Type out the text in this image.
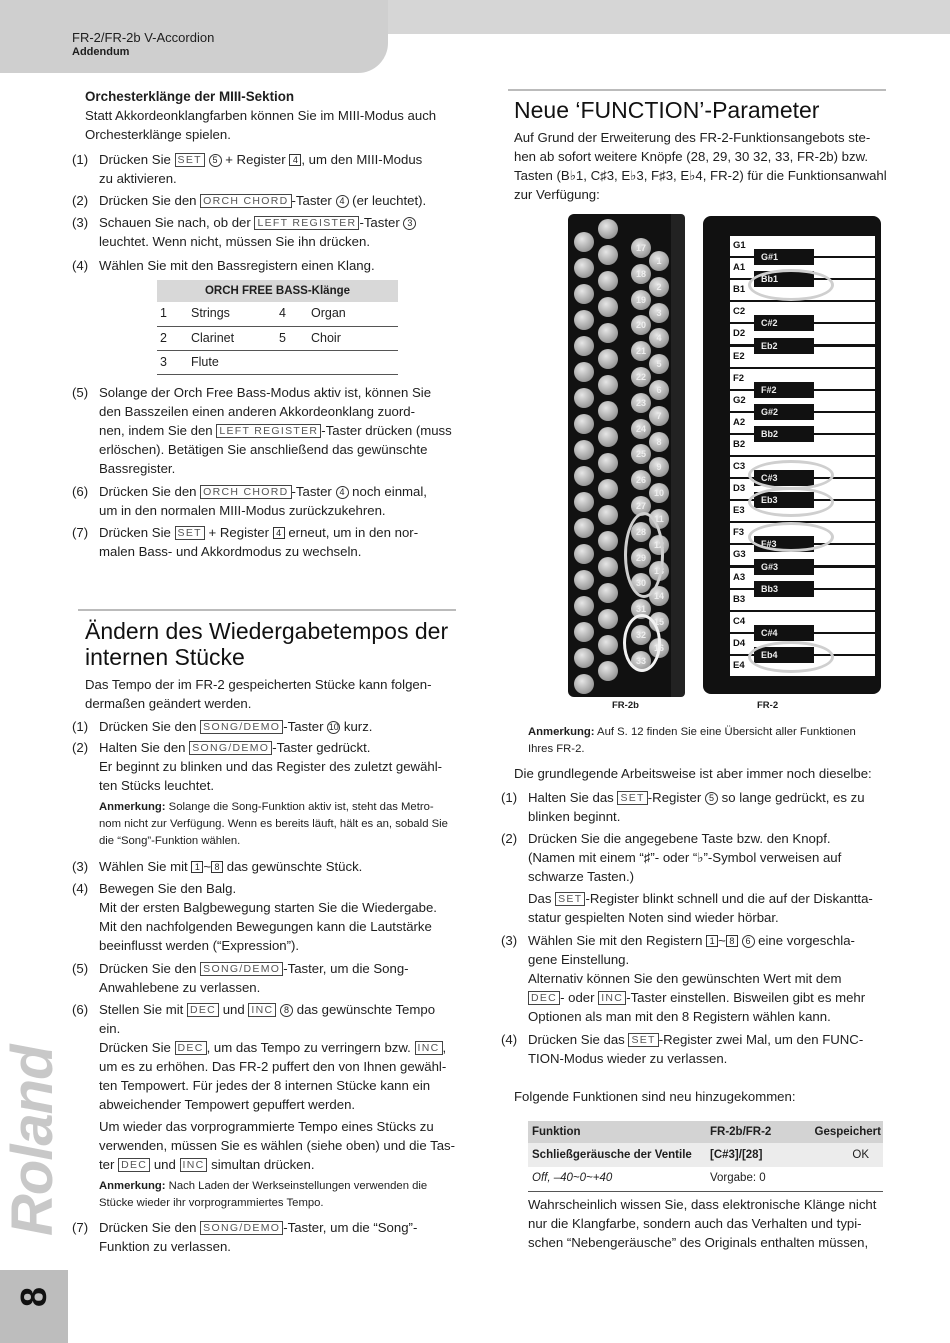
FR-2/FR-2b V-Accordion
Addendum
Roland
8
Orchesterklänge der MIII-Sektion
Statt Akkordeonklangfarben können Sie im MIII-Modus auch Orchesterklänge spielen.
(1) Drücken Sie SET 5 + Register 4 , um den MIII-Modus
zu aktivieren.
(2) Drücken Sie den ORCH CHORD -Taster 4 (er leuchtet).
(3) Schauen Sie nach, ob der LEFT REGISTER -Taster 3
leuchtet. Wenn nicht, müssen Sie ihn drücken.
(4) Wählen Sie mit den Bassregistern einen Klang.
ORCH FREE BASS-Klänge
1	Strings	4	Organ
2	Clarinet	5	Choir
3	Flute		
(5) Solange der Orch Free Bass-Modus aktiv ist, können Sie
den Basszeilen einen anderen Akkordeonklang zuord-
nen, indem Sie den LEFT REGISTER -Taster drücken (muss
erlöschen). Betätigen Sie anschließend das gewünschte
Bassregister.
(6) Drücken Sie den ORCH CHORD -Taster 4 noch einmal,
um in den normalen MIII-Modus zurückzukehren.
(7) Drücken Sie SET + Register 4 erneut, um in den nor-
malen Bass- und Akkordmodus zu wechseln.
Ändern des Wiedergabetempos der
internen Stücke
Das Tempo der im FR-2 gespeicherten Stücke kann folgen-
dermaßen geändert werden.
(1) Drücken Sie den SONG/DEMO -Taster 10 kurz.
(2) Halten Sie den SONG/DEMO -Taster gedrückt.
Er beginnt zu blinken und das Register des zuletzt gewähl-
ten Stücks leuchtet.
Anmerkung: Solange die Song-Funktion aktiv ist, steht das Metro-
nom nicht zur Verfügung. Wenn es bereits läuft, hält es an, sobald Sie
die “Song”-Funktion wählen.
(3) Wählen Sie mit 1 ~ 8 das gewünschte Stück.
(4) Bewegen Sie den Balg.
Mit der ersten Balgbewegung starten Sie die Wiedergabe.
Mit den nachfolgenden Bewegungen kann die Lautstärke
beeinflusst werden (“Expression”).
(5) Drücken Sie den SONG/DEMO -Taster, um die Song-
Anwahlebene zu verlassen.
(6) Stellen Sie mit DEC und INC 8 das gewünschte Tempo
ein.
Drücken Sie DEC , um das Tempo zu verringern bzw. INC ,
um es zu erhöhen. Das FR-2 puffert den von Ihnen gewähl-
ten Tempowert. Für jedes der 8 internen Stücke kann ein
abweichender Tempowert gepuffert werden.
Um wieder das vorprogrammierte Tempo eines Stücks zu
verwenden, müssen Sie es wählen (siehe oben) und die Tas-
ter DEC und INC simultan drücken.
Anmerkung: Nach Laden der Werkseinstellungen verwenden die
Stücke wieder ihr vorprogrammiertes Tempo.
(7) Drücken Sie den SONG/DEMO -Taster, um die “Song”-
Funktion zu verlassen.
Neue ‘FUNCTION’-Parameter
Auf Grund der Erweiterung des FR-2-Funktionsangebots ste-
hen ab sofort weitere Knöpfe (28, 29, 30 32, 33, FR-2b) bzw.
Tasten (B♭1, C♯3, E♭3, F♯3, E♭4, FR-2) für die Funktionsanwahl
zur Verfügung:
17
18
19
20
21
22
23
24
25
26
27
28
29
30
31
32
33
1
2
3
4
5
6
7
8
9
10
11
12
13
14
15
16
FR-2b
G1
A1
B1
C2
D2
E2
F2
G2
A2
B2
C3
D3
E3
F3
G3
A3
B3
C4
D4
E4
G#1
Bb1
C#2
Eb2
F#2
G#2
Bb2
C#3
Eb3
F#3
G#3
Bb3
C#4
Eb4
FR-2
Anmerkung: Auf S. 12 finden Sie eine Übersicht aller Funktionen
Ihres FR-2.
Die grundlegende Arbeitsweise ist aber immer noch dieselbe:
(1) Halten Sie das SET -Register 5 so lange gedrückt, es zu
blinken beginnt.
(2) Drücken Sie die angegebene Taste bzw. den Knopf.
(Namen mit einem “♯”- oder “♭”-Symbol verweisen auf
schwarze Tasten.)
Das SET -Register blinkt schnell und die auf der Diskantta-
statur gespielten Noten sind wieder hörbar.
(3) Wählen Sie mit den Registern 1 ~ 8 6 eine vorgeschla-
gene Einstellung.
Alternativ können Sie den gewünschten Wert mit dem
DEC - oder INC -Taster einstellen. Bisweilen gibt es mehr
Optionen als man mit den 8 Registern wählen kann.
(4) Drücken Sie das SET -Register zwei Mal, um den FUNC-
TION-Modus wieder zu verlassen.
Folgende Funktionen sind neu hinzugekommen:
Funktion	FR-2b/FR-2	Gespeichert
Schließgeräusche der Ventile	[C#3]/[28]	OK
Off, –40~0~+40	Vorgabe: 0	
Wahrscheinlich wissen Sie, dass elektronische Klänge nicht
nur die Klangfarbe, sondern auch das Verhalten und typi-
schen “Nebengeräusche” des Originals enthalten müssen,
